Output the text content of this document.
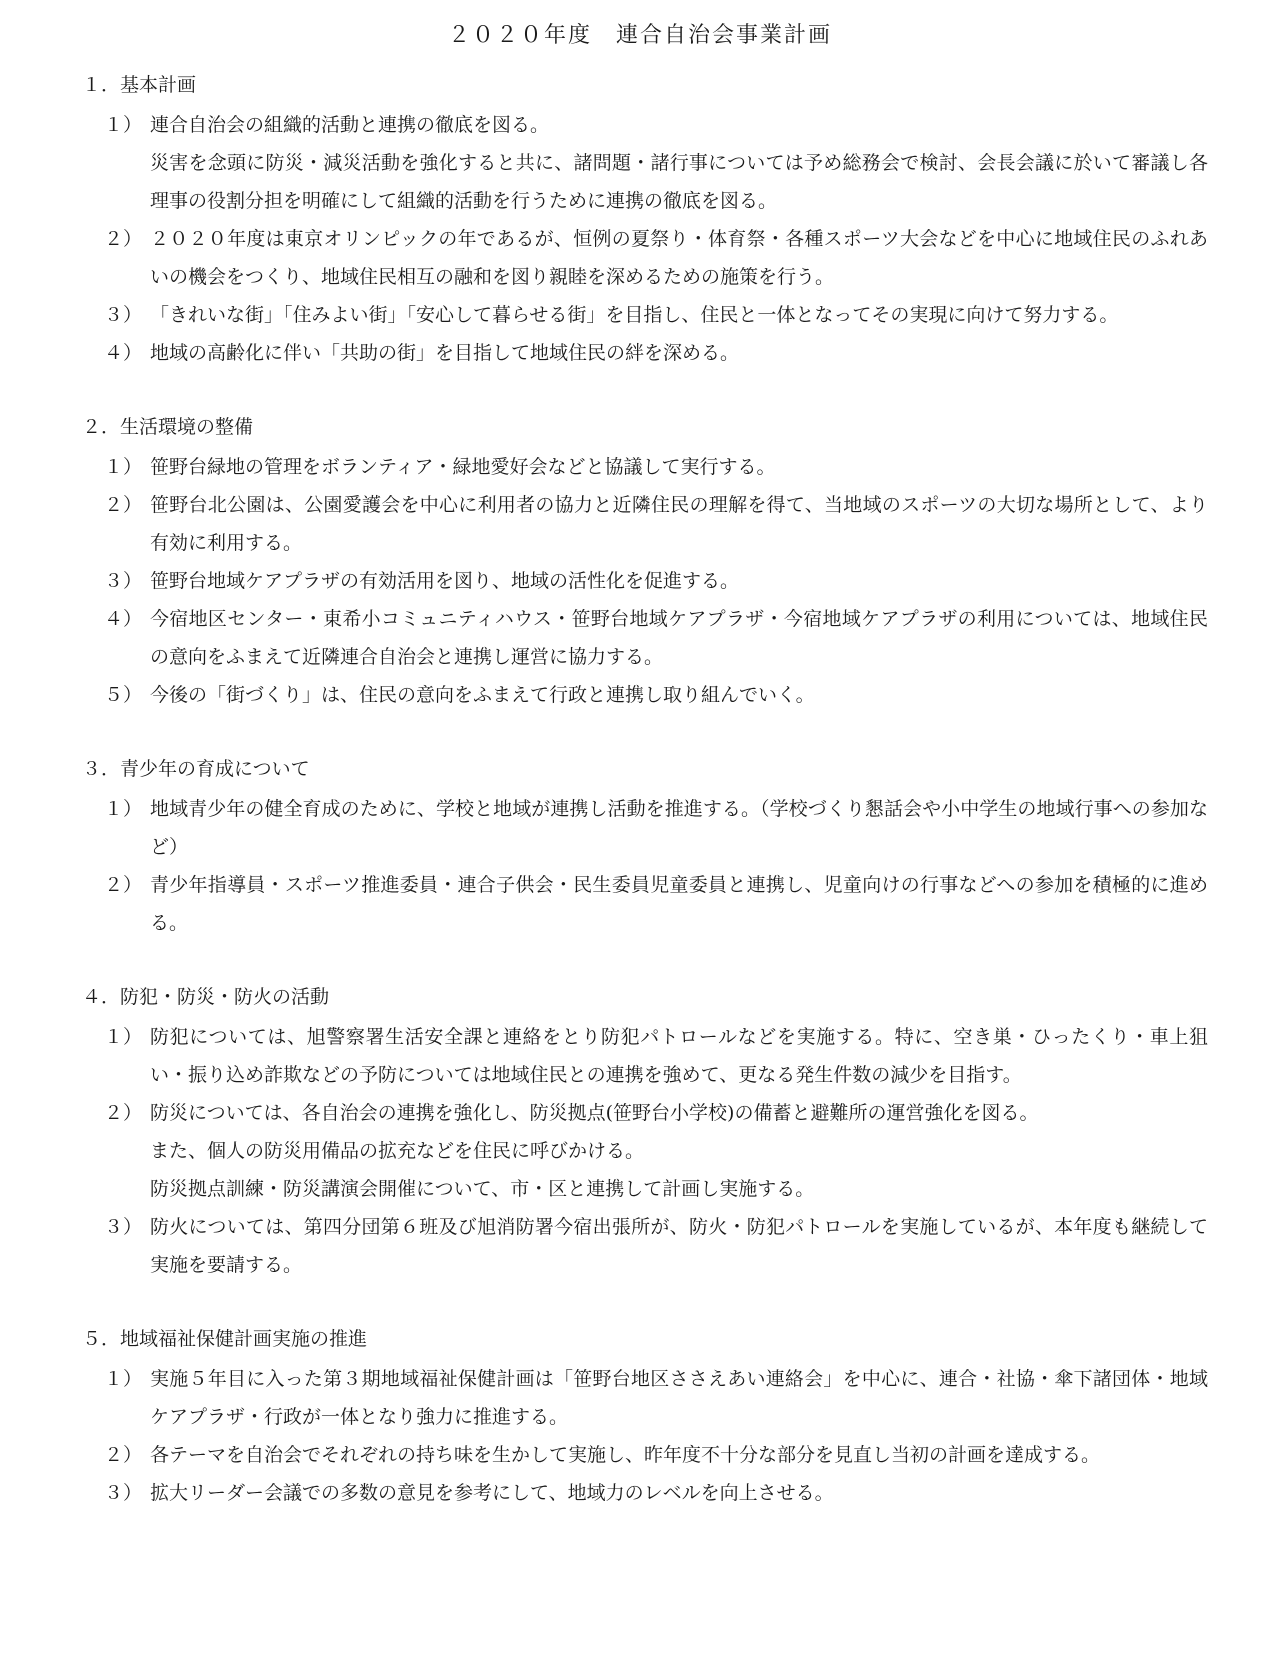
２０２０年度　連合自治会事業計画
１．基本計画
１） 連合自治会の組織的活動と連携の徹底を図る。

災害を念頭に防災・減災活動を強化すると共に、諸問題・諸行事については予め総務会で検討、会長会議に於いて審議し各理事の役割分担を明確にして組織的活動を行うために連携の徹底を図る。

２） ２０２０年度は東京オリンピックの年であるが、恒例の夏祭り・体育祭・各種スポーツ大会などを中心に地域住民のふれあいの機会をつくり、地域住民相互の融和を図り親睦を深めるための施策を行う。

３） 「きれいな街」「住みよい街」「安心して暮らせる街」を目指し、住民と一体となってその実現に向けて努力する。

４） 地域の高齢化に伴い「共助の街」を目指して地域住民の絆を深める。

２．生活環境の整備
１） 笹野台緑地の管理をボランティア・緑地愛好会などと協議して実行する。

２） 笹野台北公園は、公園愛護会を中心に利用者の協力と近隣住民の理解を得て、当地域のスポーツの大切な場所として、より有効に利用する。

３） 笹野台地域ケアプラザの有効活用を図り、地域の活性化を促進する。

４） 今宿地区センター・東希小コミュニティハウス・笹野台地域ケアプラザ・今宿地域ケアプラザの利用については、地域住民の意向をふまえて近隣連合自治会と連携し運営に協力する。

５） 今後の「街づくり」は、住民の意向をふまえて行政と連携し取り組んでいく。

３．青少年の育成について
１） 地域青少年の健全育成のために、学校と地域が連携し活動を推進する。（学校づくり懇話会や小中学生の地域行事への参加など）

２） 青少年指導員・スポーツ推進委員・連合子供会・民生委員児童委員と連携し、児童向けの行事などへの参加を積極的に進める。

４．防犯・防災・防火の活動
１） 防犯については、旭警察署生活安全課と連絡をとり防犯パトロールなどを実施する。特に、空き巣・ひったくり・車上狙い・振り込め詐欺などの予防については地域住民との連携を強めて、更なる発生件数の減少を目指す。

２） 防災については、各自治会の連携を強化し、防災拠点(笹野台小学校)の備蓄と避難所の運営強化を図る。

また、個人の防災用備品の拡充などを住民に呼びかける。

防災拠点訓練・防災講演会開催について、市・区と連携して計画し実施する。

３） 防火については、第四分団第６班及び旭消防署今宿出張所が、防火・防犯パトロールを実施しているが、本年度も継続して実施を要請する。

５．地域福祉保健計画実施の推進
１） 実施５年目に入った第３期地域福祉保健計画は「笹野台地区ささえあい連絡会」を中心に、連合・社協・傘下諸団体・地域ケアプラザ・行政が一体となり強力に推進する。

２） 各テーマを自治会でそれぞれの持ち味を生かして実施し、昨年度不十分な部分を見直し当初の計画を達成する。

３） 拡大リーダー会議での多数の意見を参考にして、地域力のレベルを向上させる。
